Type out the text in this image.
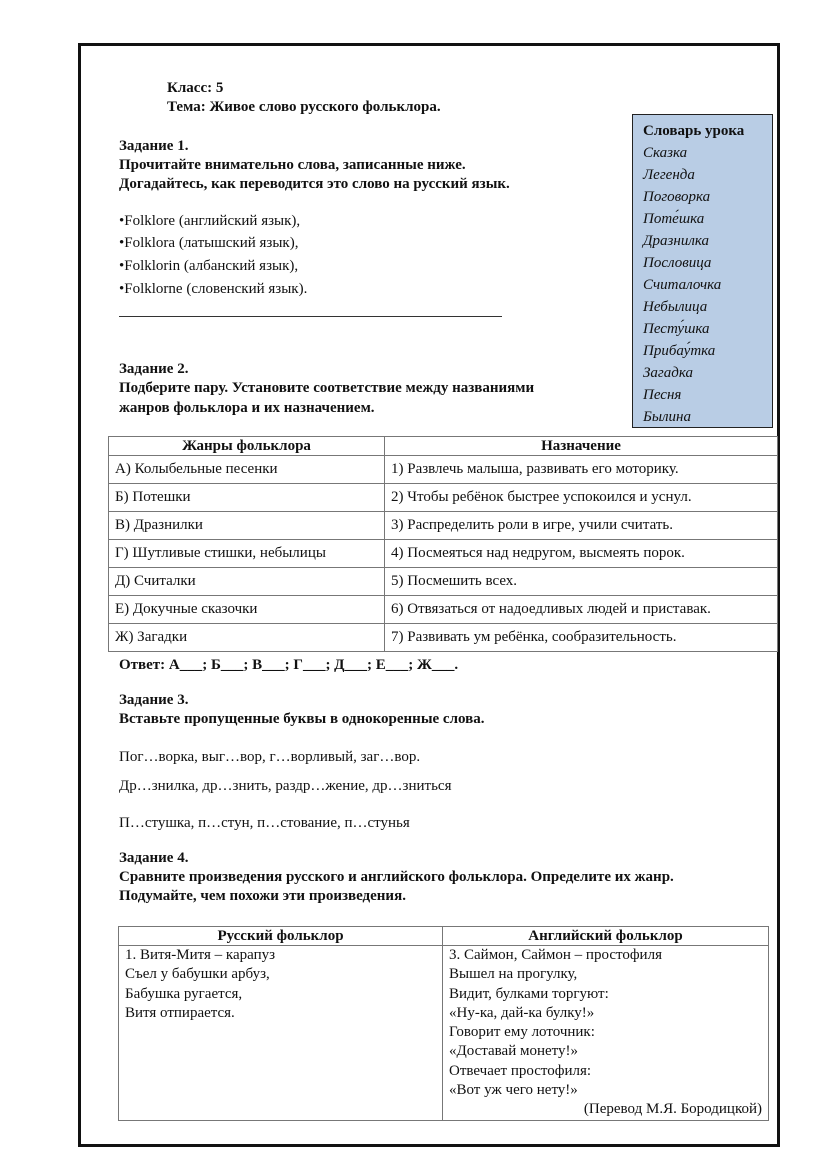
Класс: 5
Тема: Живое слово русского фольклора.
Словарь урока
Сказка
Легенда
Поговорка
Поте́шка
Дразнилка
Пословица
Считалочка
Небылица
Песту́шка
Прибау́тка
Загадка
Песня
Былина
Задание 1.
Прочитайте внимательно слова, записанные ниже.
Догадайтесь, как переводится это слово на русский язык.
•Folklore (английский язык),
•Folklora (латышский язык),
•Folklorin (албанский язык),
•Folklorne (словенский язык).
Задание 2.
Подберите пару. Установите соответствие между названиями
жанров фольклора и их назначением.
Жанры фольклора	Назначение
А) Колыбельные песенки	1) Развлечь малыша, развивать его моторику.
Б) Потешки	2) Чтобы ребёнок быстрее успокоился и уснул.
В) Дразнилки	3) Распределить роли в игре, учили считать.
Г) Шутливые стишки, небылицы	4) Посмеяться над недругом, высмеять порок.
Д) Считалки	5) Посмешить всех.
Е) Докучные сказочки	6) Отвязаться от надоедливых людей и приставак.
Ж) Загадки	7) Развивать ум ребёнка, сообразительность.
Ответ: А___; Б___; В___; Г___; Д___; Е___; Ж___.
Задание 3.
Вставьте пропущенные буквы в однокоренные слова.
Пог…ворка, выг…вор, г…ворливый, заг…вор.
Др…знилка, др…знить, раздр…жение, др…зниться
П…стушка, п…стун, п…стование, п…стунья
Задание 4.
Сравните произведения русского и английского фольклора. Определите их жанр.
Подумайте, чем похожи эти произведения.
Русский фольклор	Английский фольклор

1. Витя-Митя – карапуз
Съел у бабушки арбуз,
Бабушка ругается,
Витя отпирается.

3. Саймон, Саймон – простофиля
Вышел на прогулку,
Видит, булками торгуют:
«Ну-ка, дай-ка булку!»
Говорит ему лоточник:
«Доставай монету!»
Отвечает простофиля:
«Вот уж чего нету!»
(Перевод М.Я. Бородицкой)
